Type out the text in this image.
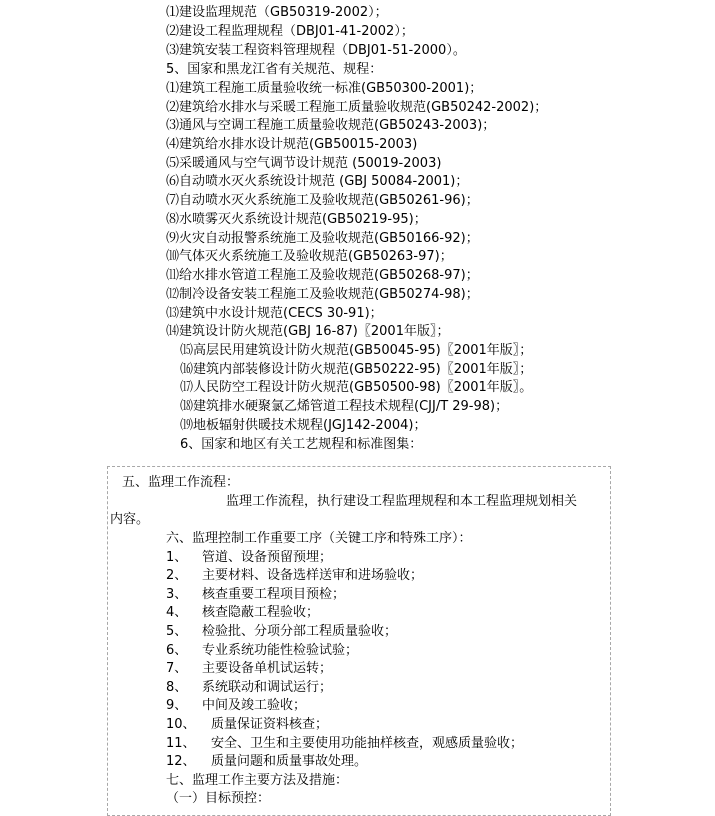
⑴建设监理规范（GB50319-2002）；
⑵建设工程监理规程（DBJ01-41-2002）；
⑶建筑安装工程资料管理规程（DBJ01-51-2000）。
5、国家和黑龙江省有关规范、规程：
⑴建筑工程施工质量验收统一标准(GB50300-2001)；
⑵建筑给水排水与采暖工程施工质量验收规范(GB50242-2002)；
⑶通风与空调工程施工质量验收规范(GB50243-2003)；
⑷建筑给水排水设计规范(GB50015-2003)
⑸采暖通风与空气调节设计规范 (50019-2003)
⑹自动喷水灭火系统设计规范 (GBJ 50084-2001)；
⑺自动喷水灭火系统施工及验收规范(GB50261-96)；
⑻水喷雾灭火系统设计规范(GB50219-95)；
⑼火灾自动报警系统施工及验收规范(GB50166-92)；
⑽气体灭火系统施工及验收规范(GB50263-97)；
⑾给水排水管道工程施工及验收规范(GB50268-97)；
⑿制冷设备安装工程施工及验收规范(GB50274-98)；
⒀建筑中水设计规范(CECS 30-91)；
⒁建筑设计防火规范(GBJ 16-87)〖2001年版〗；
⒂高层民用建筑设计防火规范(GB50045-95)〖2001年版〗；
⒃建筑内部装修设计防火规范(GB50222-95)〖2001年版〗；
⒄人民防空工程设计防火规范(GB50500-98)〖2001年版〗。
⒅建筑排水硬聚氯乙烯管道工程技术规程(CJJ/T 29-98)；
⒆地板辐射供暖技术规程(JGJ142-2004)；
6、国家和地区有关工艺规程和标准图集：
五、监理工作流程：
监理工作流程，执行建设工程监理规程和本工程监理规划相关
内容。
六、监理控制工作重要工序（关键工序和特殊工序）：
1、 管道、设备预留预埋；
2、 主要材料、设备选样送审和进场验收；
3、 核查重要工程项目预检；
4、 核查隐蔽工程验收；
5、 检验批、分项分部工程质量验收；
6、 专业系统功能性检验试验；
7、 主要设备单机试运转；
8、 系统联动和调试运行；
9、 中间及竣工验收；
10、 质量保证资料核查；
11、 安全、卫生和主要使用功能抽样核查，观感质量验收；
12、 质量问题和质量事故处理。
七、监理工作主要方法及措施：
（一）目标预控：
